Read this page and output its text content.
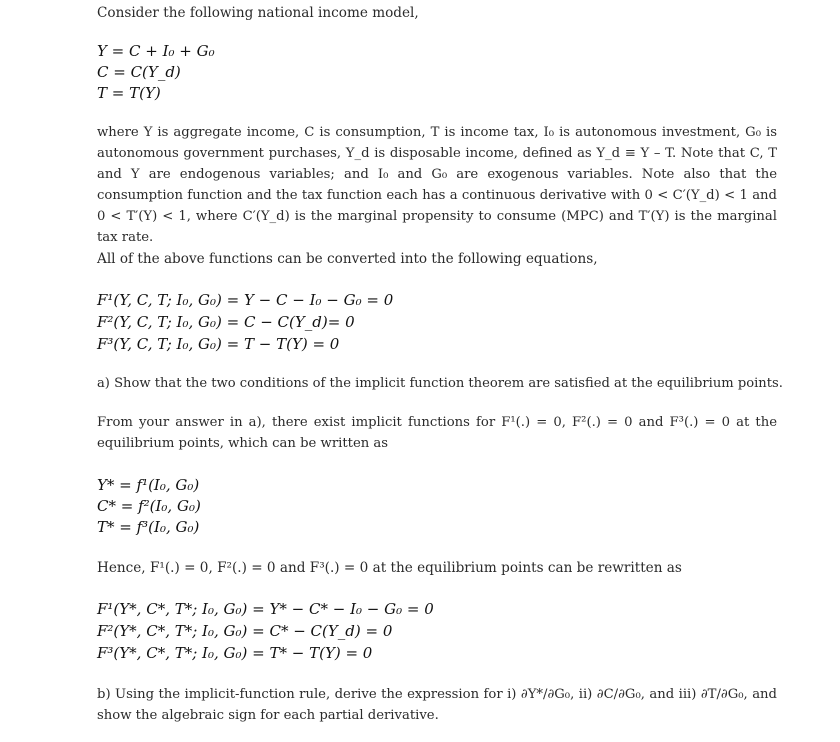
Consider the following national income model,
Y = C + I₀ + G₀
C = C(Y_d)
T = T(Y)
where Y is aggregate income, C is consumption, T is income tax, I₀ is autonomous investment, G₀ is autonomous government purchases, Y_d is disposable income, defined as Y_d ≡ Y – T. Note that C, T and Y are endogenous variables; and I₀ and G₀ are exogenous variables. Note also that the consumption function and the tax function each has a continuous derivative with 0 < C′(Y_d) < 1 and 0 < T′(Y) < 1, where C′(Y_d) is the marginal propensity to consume (MPC) and T′(Y) is the marginal tax rate.
All of the above functions can be converted into the following equations,
F¹(Y, C, T; I₀, G₀) = Y − C − I₀ − G₀ = 0
F²(Y, C, T; I₀, G₀) = C − C(Y_d)= 0
F³(Y, C, T; I₀, G₀) = T − T(Y) = 0
a) Show that the two conditions of the implicit function theorem are satisfied at the equilibrium points.
From your answer in a), there exist implicit functions for F¹(.) = 0, F²(.) = 0 and F³(.) = 0 at the equilibrium points, which can be written as
Y* = f¹(I₀, G₀)
C* = f²(I₀, G₀)
T* = f³(I₀, G₀)
Hence, F¹(.) = 0, F²(.) = 0 and F³(.) = 0 at the equilibrium points can be rewritten as
F¹(Y*, C*, T*; I₀, G₀) = Y* − C* − I₀ − G₀ = 0
F²(Y*, C*, T*; I₀, G₀) = C* − C(Y_d) = 0
F³(Y*, C*, T*; I₀, G₀) = T* − T(Y) = 0
b) Using the implicit-function rule, derive the expression for i) ∂Y*/∂G₀, ii) ∂C/∂G₀, and iii) ∂T/∂G₀, and show the algebraic sign for each partial derivative.
